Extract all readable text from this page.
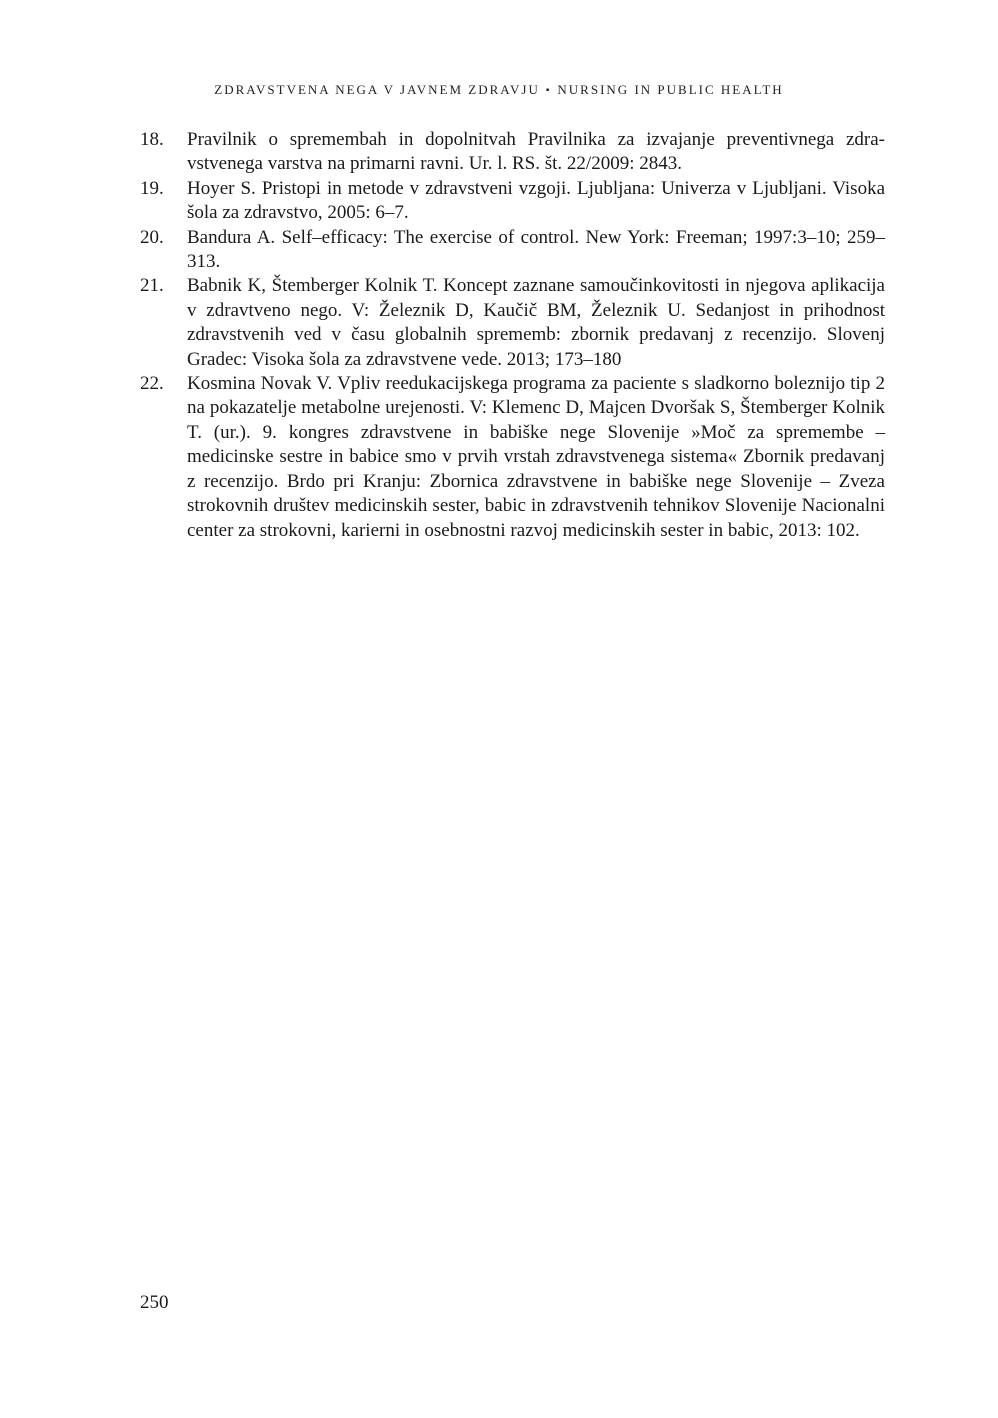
ZDRAVSTVENA NEGA V JAVNEM ZDRAVJU ▪ NURSING IN PUBLIC HEALTH
18.	Pravilnik o spremembah in dopolnitvah Pravilnika za izvajanje preventivnega zdravstvenega varstva na primarni ravni. Ur. l. RS. št. 22/2009: 2843.
19.	Hoyer S. Pristopi in metode v zdravstveni vzgoji. Ljubljana: Univerza v Ljubljani. Visoka šola za zdravstvo, 2005: 6–7.
20.	Bandura A. Self–efficacy: The exercise of control. New York: Freeman; 1997:3–10; 259–313.
21.	Babnik K, Štemberger Kolnik T. Koncept zaznane samoučinkovitosti in njegova aplikacija v zdravtveno nego. V: Železnik D, Kaučič BM, Železnik U. Sedanjost in prihodnost zdravstvenih ved v času globalnih sprememb: zbornik predavanj z recenzijo. Slovenj Gradec: Visoka šola za zdravstvene vede. 2013; 173–180
22.	Kosmina Novak V. Vpliv reedukacijskega programa za paciente s sladkorno boleznijo tip 2 na pokazatelje metabolne urejenosti. V: Klemenc D, Majcen Dvoršak S, Štemberger Kolnik T. (ur.). 9. kongres zdravstvene in babiške nege Slovenije »Moč za spremembe – medicinske sestre in babice smo v prvih vrstah zdravstvenega sistema« Zbornik predavanj z recenzijo. Brdo pri Kranju: Zbornica zdravstvene in babiške nege Slovenije – Zveza strokovnih društev medicinskih sester, babic in zdravstvenih tehnikov Slovenije Nacionalni center za strokovni, karierni in osebnostni razvoj medicinskih sester in babic, 2013: 102.
250
